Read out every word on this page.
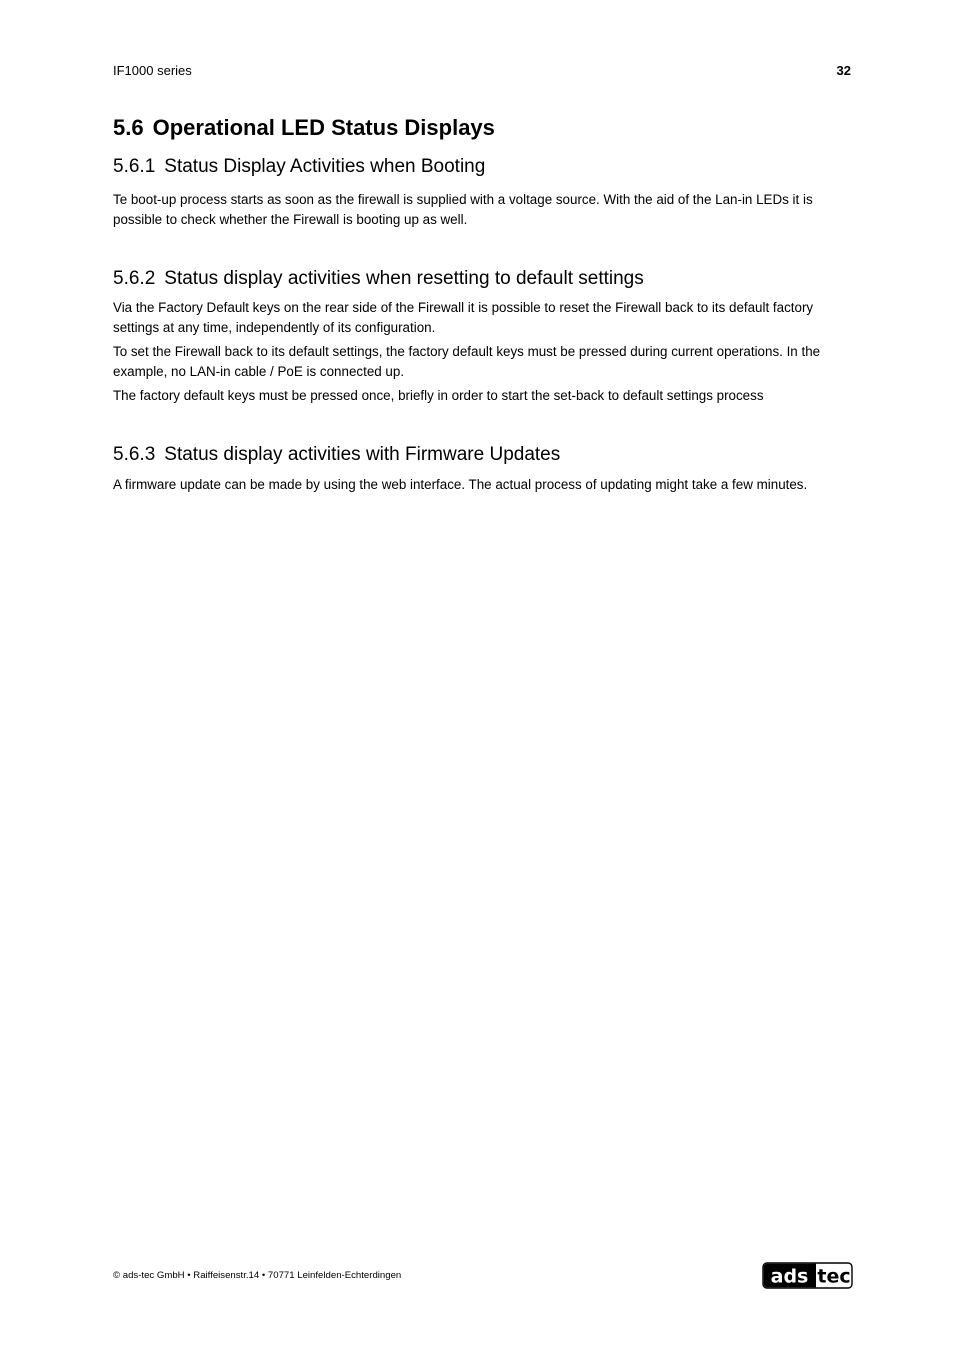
IF1000 series	32
5.6 Operational LED Status Displays
5.6.1 Status Display Activities when Booting

Te boot-up process starts as soon as the firewall is supplied with a voltage source. With the aid of the Lan-in LEDs it is possible to check whether the Firewall is booting up as well.

5.6.2 Status display activities when resetting to default settings

Via the Factory Default keys on the rear side of the Firewall it is possible to reset the Firewall back to its default factory settings at any time, independently of its configuration.

To set the Firewall back to its default settings, the factory default keys must be pressed during current operations. In the example, no LAN-in cable / PoE is connected up.

The factory default keys must be pressed once, briefly in order to start the set-back to default settings process

5.6.3 Status display activities with Firmware Updates

A firmware update can be made by using the web interface. The actual process of updating might take a few minutes.

© ads-tec GmbH • Raiffeisenstr.14 • 70771 Leinfelden-Echterdingen	ads tec
